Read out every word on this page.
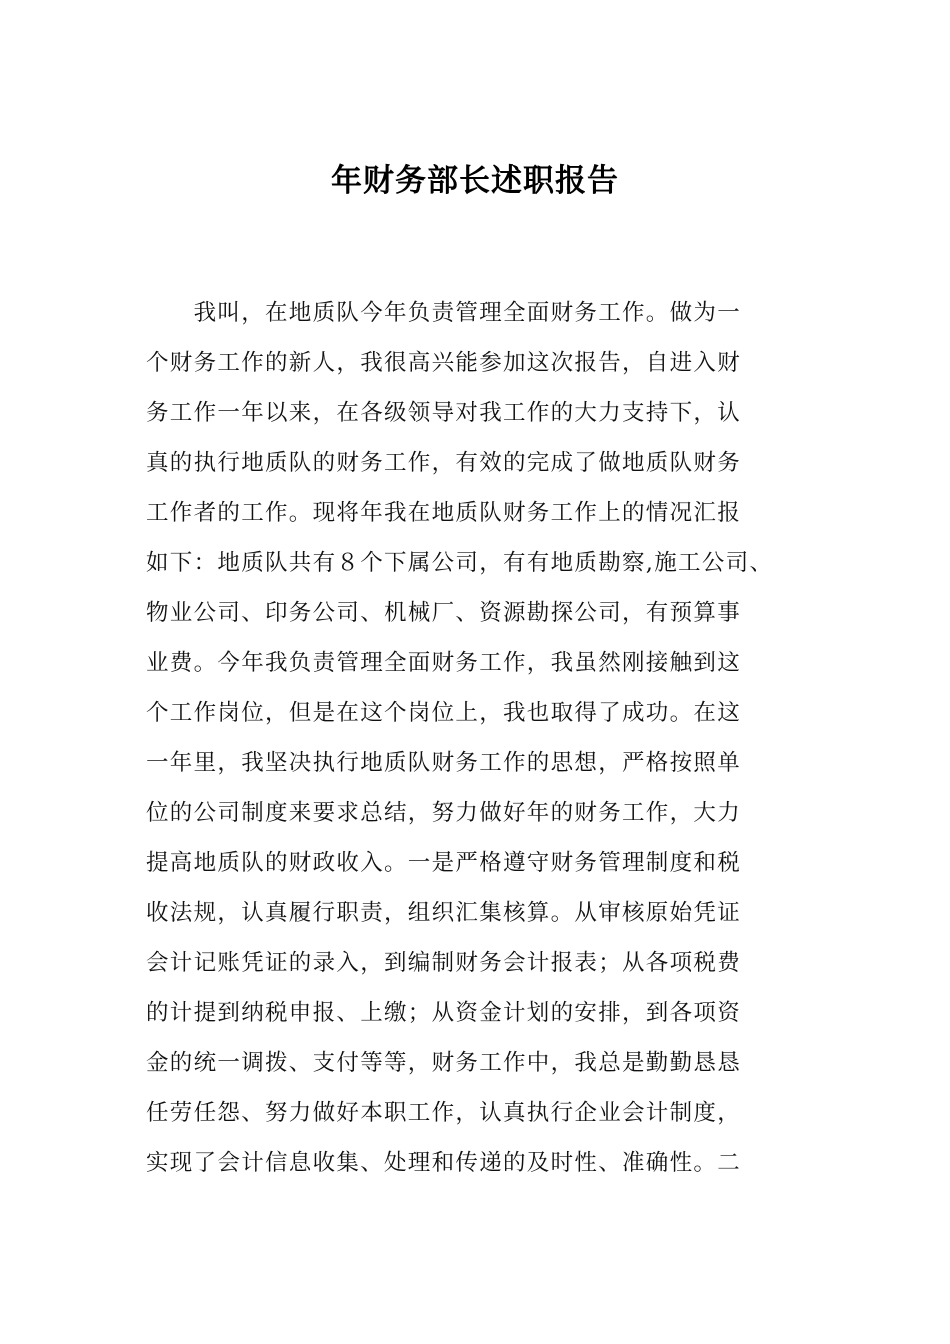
年财务部长述职报告
　　我叫，在地质队今年负责管理全面财务工作。做为一
个财务工作的新人，我很高兴能参加这次报告，自进入财
务工作一年以来，在各级领导对我工作的大力支持下，认
真的执行地质队的财务工作，有效的完成了做地质队财务
工作者的工作。现将年我在地质队财务工作上的情况汇报
如下：地质队共有８个下属公司，有有地质勘察,施工公司、
物业公司、印务公司、机械厂、资源勘探公司，有预算事
业费。今年我负责管理全面财务工作，我虽然刚接触到这
个工作岗位，但是在这个岗位上，我也取得了成功。在这
一年里，我坚决执行地质队财务工作的思想，严格按照单
位的公司制度来要求总结，努力做好年的财务工作，大力
提高地质队的财政收入。一是严格遵守财务管理制度和税
收法规，认真履行职责，组织汇集核算。从审核原始凭证
会计记账凭证的录入，到编制财务会计报表；从各项税费
的计提到纳税申报、上缴；从资金计划的安排，到各项资
金的统一调拨、支付等等，财务工作中，我总是勤勤恳恳
任劳任怨、努力做好本职工作，认真执行企业会计制度，
实现了会计信息收集、处理和传递的及时性、准确性。二
